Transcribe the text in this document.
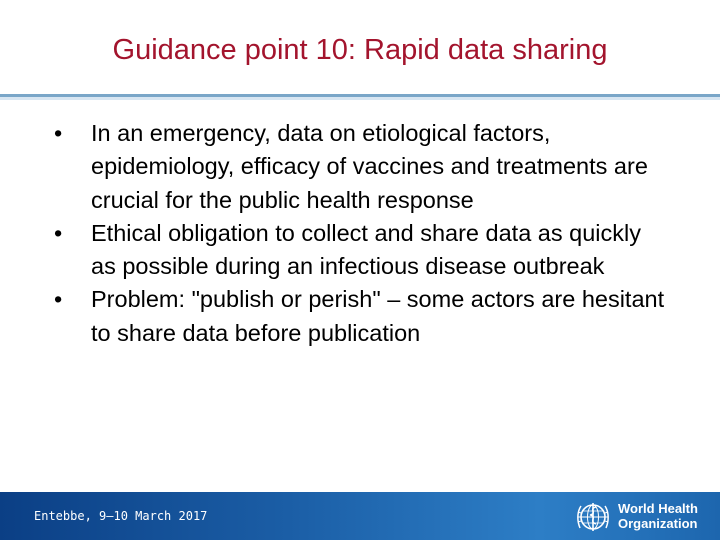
Guidance point 10: Rapid data sharing
• In an emergency, data on etiological factors, epidemiology, efficacy of vaccines and treatments are crucial for the public health response
• Ethical obligation to collect and share data as quickly as possible during an infectious disease outbreak
• Problem: "publish or perish" – some actors are hesitant to share data before publication
Entebbe, 9–10 March 2017	World Health
Organization
